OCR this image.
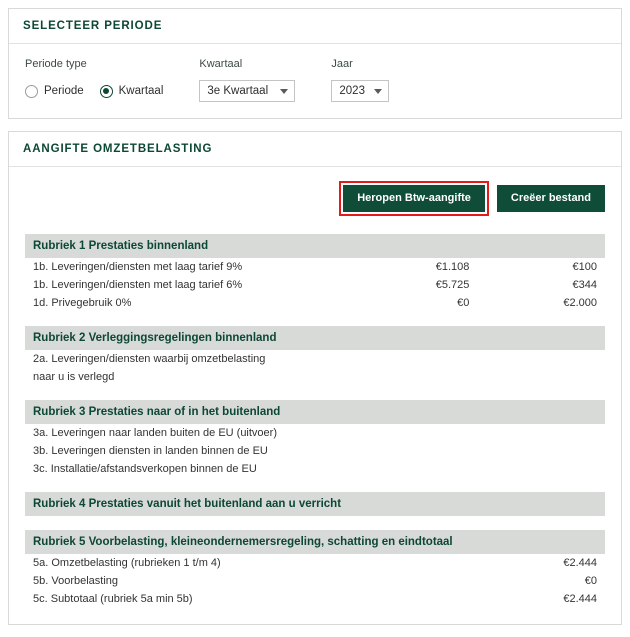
SELECTEER PERIODE
Periode type
Periode	Kwartaal
Kwartaal
3e Kwartaal
Jaar
2023
AANGIFTE OMZETBELASTING
Heropen Btw-aangifte	Creëer bestand
Rubriek 1 Prestaties binnenland
1b. Leveringen/diensten met laag tarief 9%	€1.108	€100
1b. Leveringen/diensten met laag tarief 6%	€5.725	€344
1d. Privegebruik 0%	€0	€2.000
Rubriek 2 Verleggingsregelingen binnenland
2a. Leveringen/diensten waarbij omzetbelasting
naar u is verlegd
Rubriek 3 Prestaties naar of in het buitenland
3a. Leveringen naar landen buiten de EU (uitvoer)
3b. Leveringen diensten in landen binnen de EU
3c. Installatie/afstandsverkopen binnen de EU
Rubriek 4 Prestaties vanuit het buitenland aan u verricht
Rubriek 5 Voorbelasting, kleineondernemersregeling, schatting en eindtotaal
5a. Omzetbelasting (rubrieken 1 t/m 4)		€2.444
5b. Voorbelasting		€0
5c. Subtotaal (rubriek 5a min 5b)		€2.444
